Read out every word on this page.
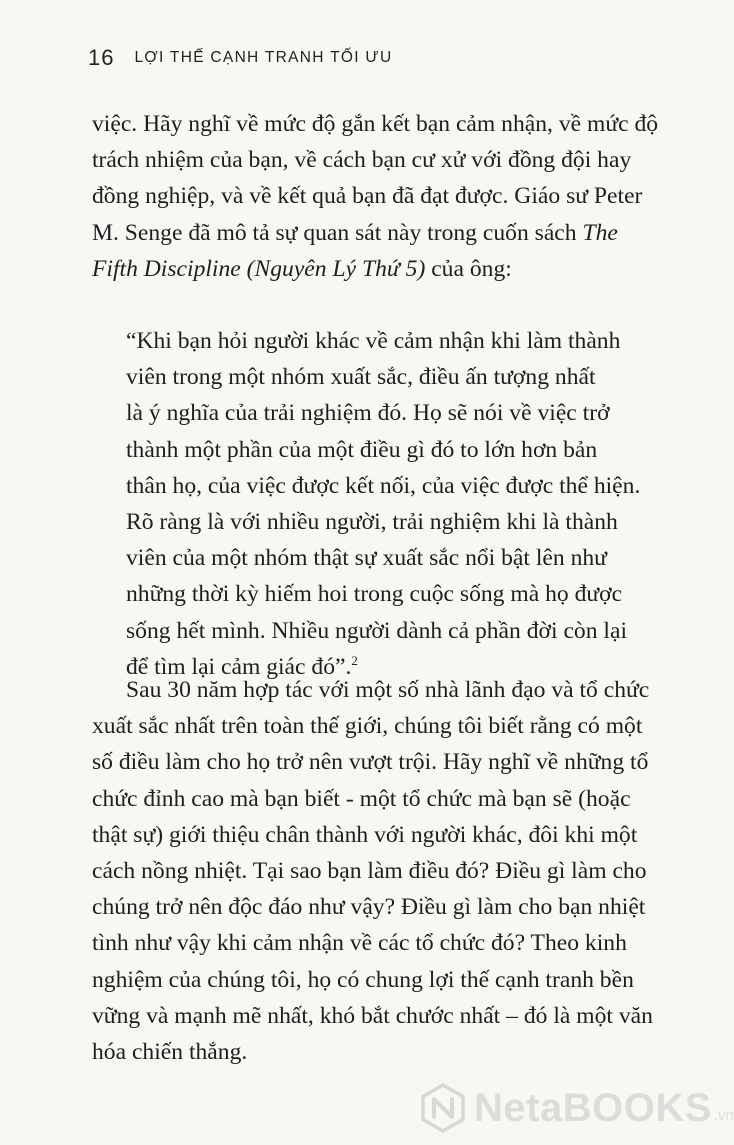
16 LỢI THẾ CẠNH TRANH TỐI ƯU
việc. Hãy nghĩ về mức độ gắn kết bạn cảm nhận, về mức độ
trách nhiệm của bạn, về cách bạn cư xử với đồng đội hay
đồng nghiệp, và về kết quả bạn đã đạt được. Giáo sư Peter
M. Senge đã mô tả sự quan sát này trong cuốn sách The
Fifth Discipline (Nguyên Lý Thứ 5) của ông:
“Khi bạn hỏi người khác về cảm nhận khi làm thành
viên trong một nhóm xuất sắc, điều ấn tượng nhất
là ý nghĩa của trải nghiệm đó. Họ sẽ nói về việc trở
thành một phần của một điều gì đó to lớn hơn bản
thân họ, của việc được kết nối, của việc được thể hiện.
Rõ ràng là với nhiều người, trải nghiệm khi là thành
viên của một nhóm thật sự xuất sắc nổi bật lên như
những thời kỳ hiếm hoi trong cuộc sống mà họ được
sống hết mình. Nhiều người dành cả phần đời còn lại
để tìm lại cảm giác đó”.$^2$
Sau 30 năm hợp tác với một số nhà lãnh đạo và tổ chức
xuất sắc nhất trên toàn thế giới, chúng tôi biết rằng có một
số điều làm cho họ trở nên vượt trội. Hãy nghĩ về những tổ
chức đỉnh cao mà bạn biết - một tổ chức mà bạn sẽ (hoặc
thật sự) giới thiệu chân thành với người khác, đôi khi một
cách nồng nhiệt. Tại sao bạn làm điều đó? Điều gì làm cho
chúng trở nên độc đáo như vậy? Điều gì làm cho bạn nhiệt
tình như vậy khi cảm nhận về các tổ chức đó? Theo kinh
nghiệm của chúng tôi, họ có chung lợi thế cạnh tranh bền
vững và mạnh mẽ nhất, khó bắt chước nhất – đó là một văn
hóa chiến thắng.
NetaBOOKS .vn
